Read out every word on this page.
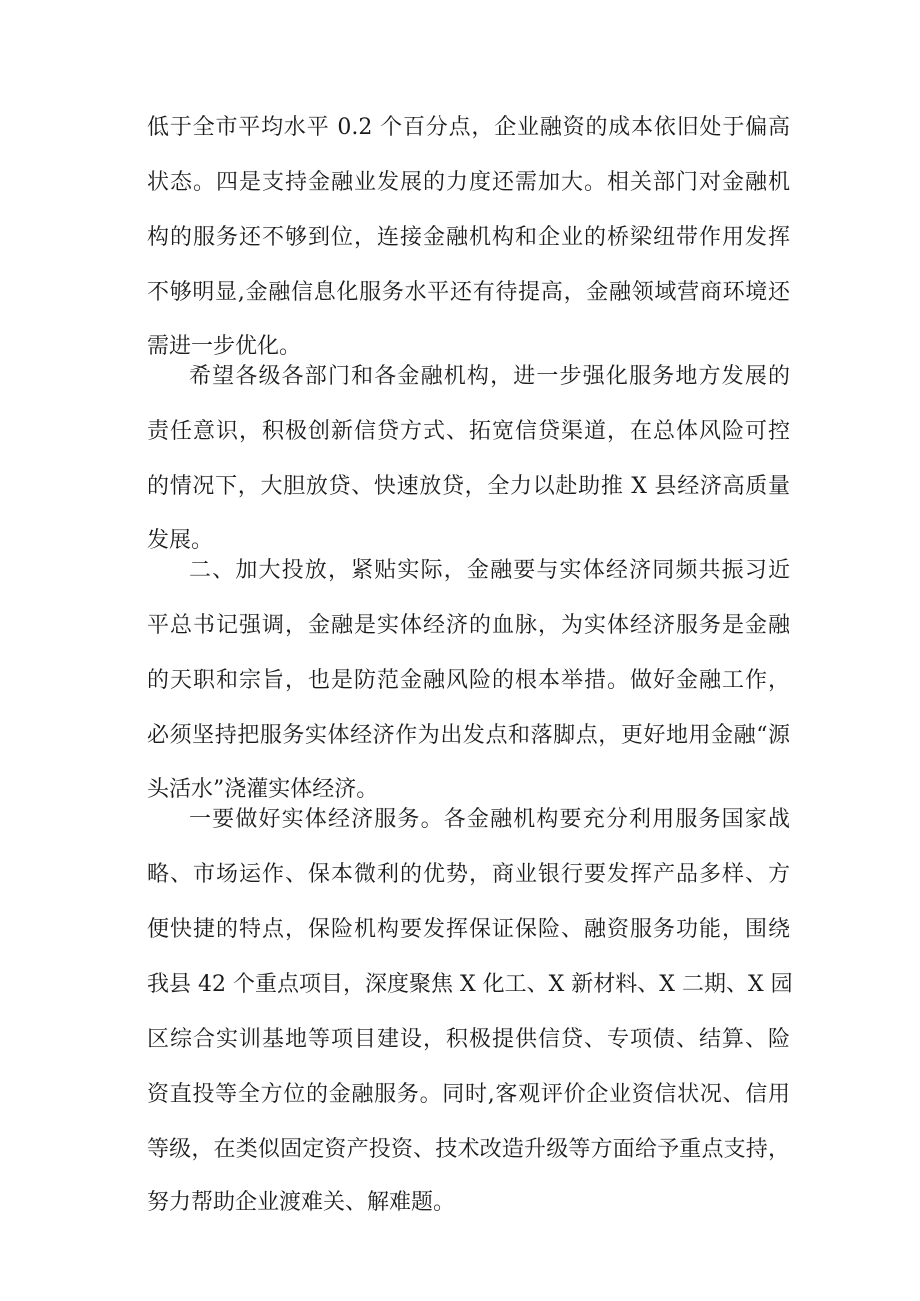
低于全市平均水平 0.2 个百分点，企业融资的成本依旧处于偏高

状态。四是支持金融业发展的力度还需加大。相关部门对金融机

构的服务还不够到位，连接金融机构和企业的桥梁纽带作用发挥

不够明显,金融信息化服务水平还有待提高，金融领域营商环境还

需进一步优化。

希望各级各部门和各金融机构，进一步强化服务地方发展的

责任意识，积极创新信贷方式、拓宽信贷渠道，在总体风险可控

的情况下，大胆放贷、快速放贷，全力以赴助推 X 县经济高质量

发展。

二、加大投放，紧贴实际，金融要与实体经济同频共振习近

平总书记强调，金融是实体经济的血脉，为实体经济服务是金融

的天职和宗旨，也是防范金融风险的根本举措。做好金融工作，

必须坚持把服务实体经济作为出发点和落脚点，更好地用金融“源

头活水”浇灌实体经济。

一要做好实体经济服务。各金融机构要充分利用服务国家战

略、市场运作、保本微利的优势，商业银行要发挥产品多样、方

便快捷的特点，保险机构要发挥保证保险、融资服务功能，围绕

我县 42 个重点项目，深度聚焦 X 化工、X 新材料、X 二期、X 园

区综合实训基地等项目建设，积极提供信贷、专项债、结算、险

资直投等全方位的金融服务。同时,客观评价企业资信状况、信用

等级，在类似固定资产投资、技术改造升级等方面给予重点支持，

努力帮助企业渡难关、解难题。
